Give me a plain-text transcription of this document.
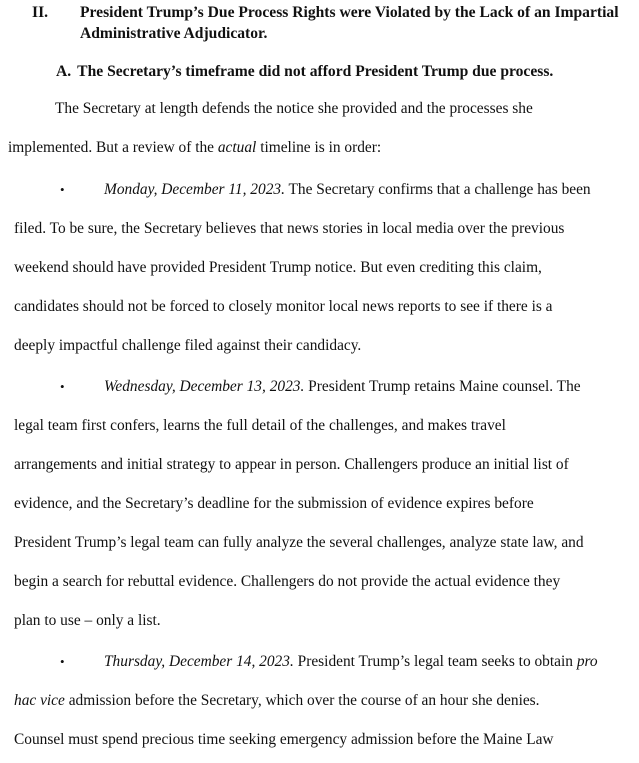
II. President Trump’s Due Process Rights were Violated by the Lack of an Impartial Administrative Adjudicator.
A. The Secretary’s timeframe did not afford President Trump due process.
The Secretary at length defends the notice she provided and the processes she
implemented. But a review of the actual timeline is in order:
•	Monday, December 11, 2023. The Secretary confirms that a challenge has been
filed. To be sure, the Secretary believes that news stories in local media over the previous
weekend should have provided President Trump notice. But even crediting this claim,
candidates should not be forced to closely monitor local news reports to see if there is a
deeply impactful challenge filed against their candidacy.
•	Wednesday, December 13, 2023. President Trump retains Maine counsel. The
legal team first confers, learns the full detail of the challenges, and makes travel
arrangements and initial strategy to appear in person. Challengers produce an initial list of
evidence, and the Secretary’s deadline for the submission of evidence expires before
President Trump’s legal team can fully analyze the several challenges, analyze state law, and
begin a search for rebuttal evidence. Challengers do not provide the actual evidence they
plan to use – only a list.
•	Thursday, December 14, 2023. President Trump’s legal team seeks to obtain pro
hac vice admission before the Secretary, which over the course of an hour she denies.
Counsel must spend precious time seeking emergency admission before the Maine Law
